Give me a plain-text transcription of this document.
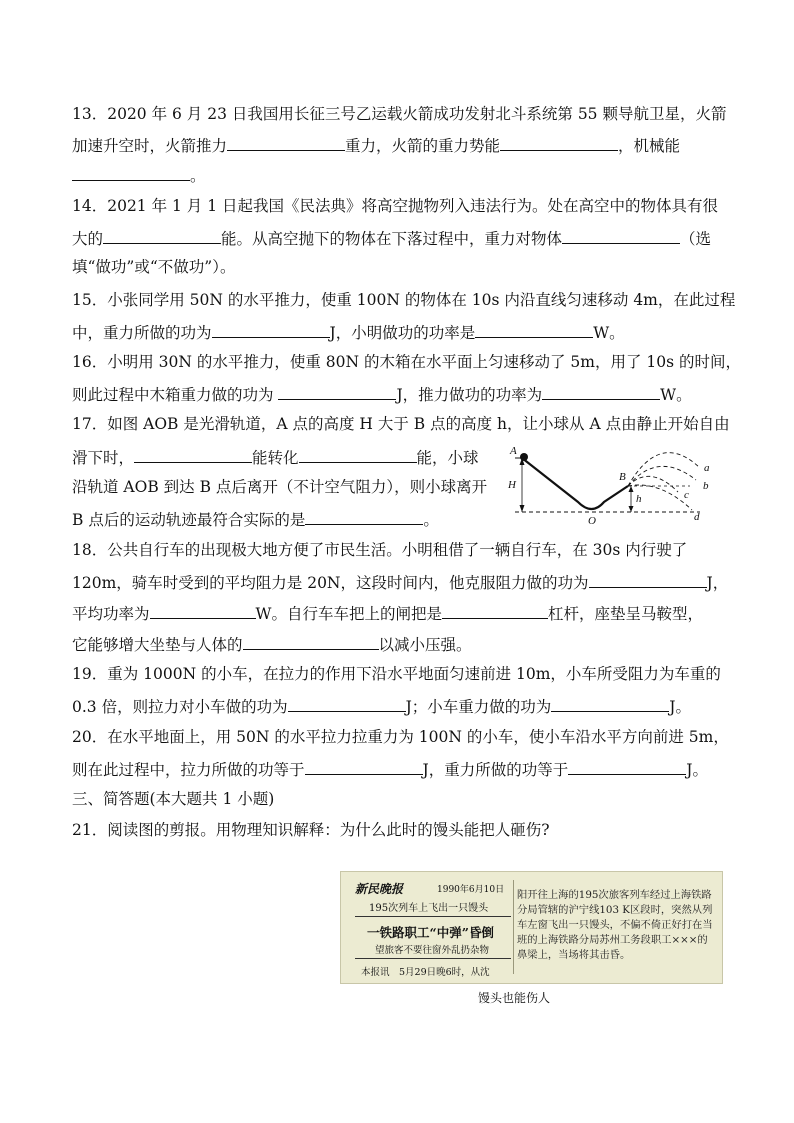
13．2020 年 6 月 23 日我国用长征三号乙运载火箭成功发射北斗系统第 55 颗导航卫星，火箭
加速升空时，火箭推力	重力，火箭的重力势能	，机械能
。
14．2021 年 1 月 1 日起我国《民法典》将高空抛物列入违法行为。处在高空中的物体具有很
大的	能。从高空抛下的物体在下落过程中，重力对物体	（选
填“做功”或“不做功”）。
15．小张同学用 50N 的水平推力，使重 100N 的物体在 10s 内沿直线匀速移动 4m，在此过程
中，重力所做的功为	J，小明做功的功率是	W。
16．小明用 30N 的水平推力，使重 80N 的木箱在水平面上匀速移动了 5m，用了 10s 的时间，
则此过程中木箱重力做的功为	J，推力做功的功率为	W。
17．如图 AOB 是光滑轨道，A 点的高度 H 大于 B 点的高度 h，让小球从 A 点由静止开始自由
滑下时，	能转化	能，小球
沿轨道 AOB 到达 B 点后离开（不计空气阻力），则小球离开
B 点后的运动轨迹最符合实际的是	。
A
H
O
B
h
a
b
c
d
18．公共自行车的出现极大地方便了市民生活。小明租借了一辆自行车，在 30s 内行驶了
120m，骑车时受到的平均阻力是 20N，这段时间内，他克服阻力做的功为	J，
平均功率为	W。自行车车把上的闸把是	杠杆，座垫呈马鞍型，
它能够增大坐垫与人体的	以减小压强。
19．重为 1000N 的小车，在拉力的作用下沿水平地面匀速前进 10m，小车所受阻力为车重的
0.3 倍，则拉力对小车做的功为	J；小车重力做的功为	J。
20．在水平地面上，用 50N 的水平拉力拉重力为 100N 的小车，使小车沿水平方向前进 5m，
则在此过程中，拉力所做的功等于	J，重力所做的功等于	J。
三、简答题(本大题共 1 小题)
21．阅读图的剪报。用物理知识解释：为什么此时的馒头能把人砸伤?
新民晚报	1990年6月10日
195次列车上飞出一只馒头
一铁路职工“中弹”昏倒
望旅客不要往窗外乱扔杂物
本报讯　5月29日晚6时，从沈
阳开往上海的195次旅客列车经过上海铁路分局管辖的沪宁线103 K区段时，突然从列车左窗飞出一只馒头，不偏不倚正好打在当班的上海铁路分局苏州工务段职工×××的鼻梁上，当场将其击昏。
馒头也能伤人
